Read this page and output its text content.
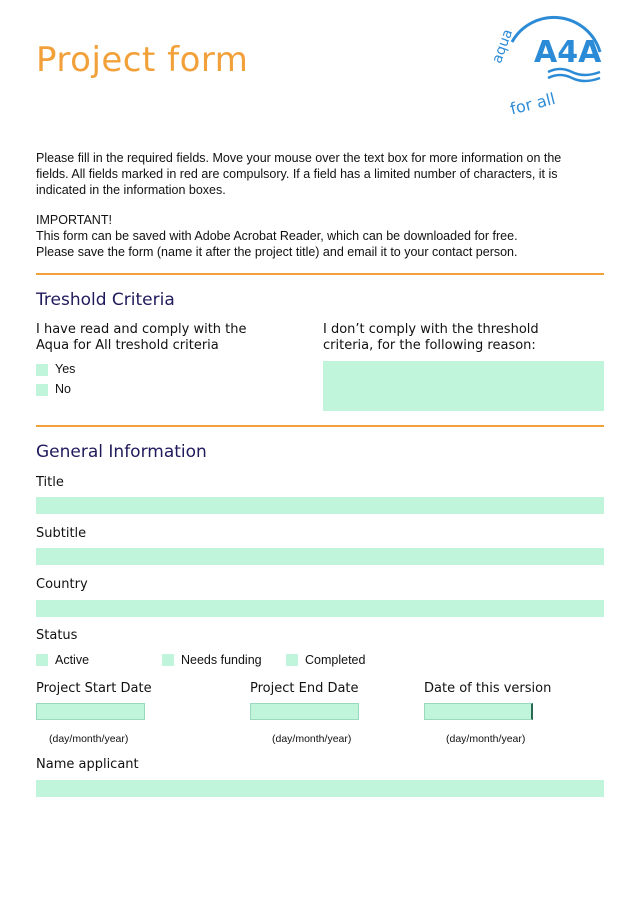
Project form	A4A
aqua
for all
Please fill in the required fields. Move your mouse over the text box for more information on the fields. All fields marked in red are compulsory. If a field has a limited number of characters, it is indicated in the information boxes.
IMPORTANT!
This form can be saved with Adobe Acrobat Reader, which can be downloaded for free.
Please save the form (name it after the project title) and email it to your contact person.
Treshold Criteria
I have read and comply with the Aqua for All treshold criteria
I don’t comply with the threshold criteria, for the following reason:
Yes
No
General Information
Title
Subtitle
Country
Status
Active	Needs funding	Completed
Project Start Date	Project End Date	Date of this version
(day/month/year)	(day/month/year)	(day/month/year)
Name applicant
